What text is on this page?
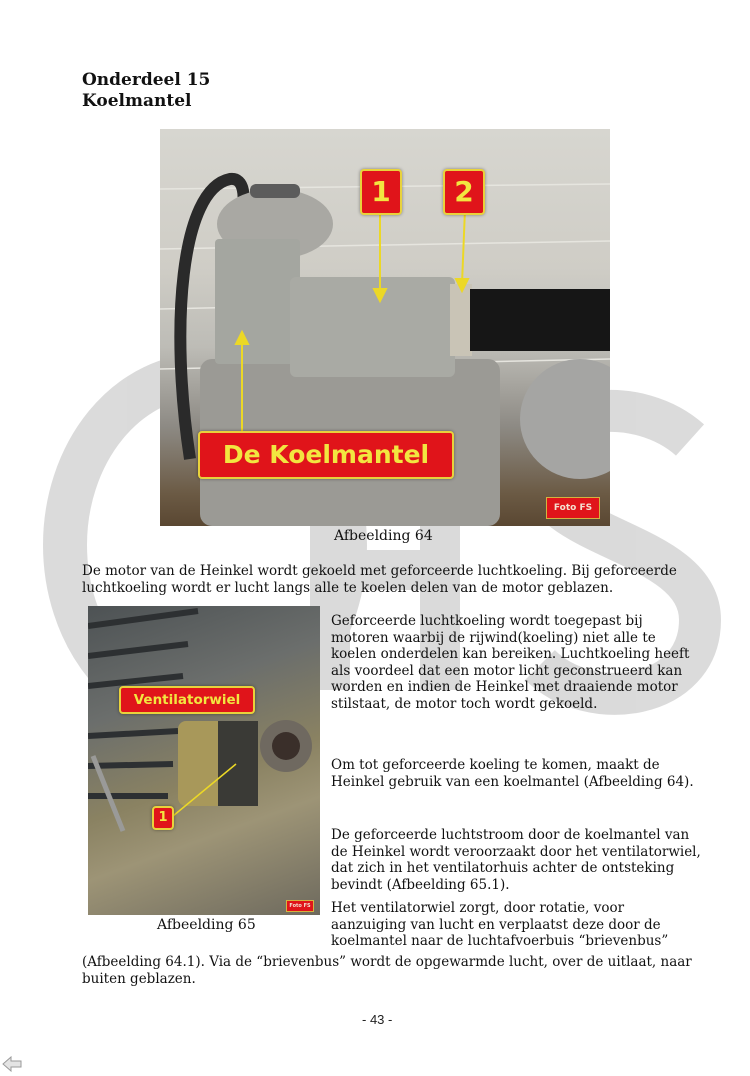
Onderdeel 15
Koelmantel
1	2
De Koelmantel
Foto FS
Afbeelding 64

De motor van de Heinkel wordt gekoeld met geforceerde luchtkoeling. Bij geforceerde luchtkoeling wordt er lucht langs alle te koelen delen van de motor geblazen.

Ventilatorwiel
1
Foto FS
Afbeelding 65

Geforceerde luchtkoeling wordt toegepast bij motoren waarbij de rijwind(koeling) niet alle te koelen onderdelen kan bereiken. Luchtkoeling heeft als voordeel dat een motor licht geconstrueerd kan worden en indien de Heinkel met draaiende motor stilstaat, de motor toch wordt gekoeld.

Om tot geforceerde koeling te komen, maakt de Heinkel gebruik van een koelmantel (Afbeelding 64).

De geforceerde luchtstroom door de koelmantel van de Heinkel wordt veroorzaakt door het ventilatorwiel, dat zich in het ventilatorhuis achter de ontsteking bevindt (Afbeelding 65.1).

Het ventilatorwiel zorgt, door rotatie, voor aanzuiging van lucht en verplaatst deze door de koelmantel naar de luchtafvoerbuis “brievenbus”

(Afbeelding 64.1). Via de “brievenbus” wordt de opgewarmde lucht, over de uitlaat, naar buiten geblazen.

- 43 -
